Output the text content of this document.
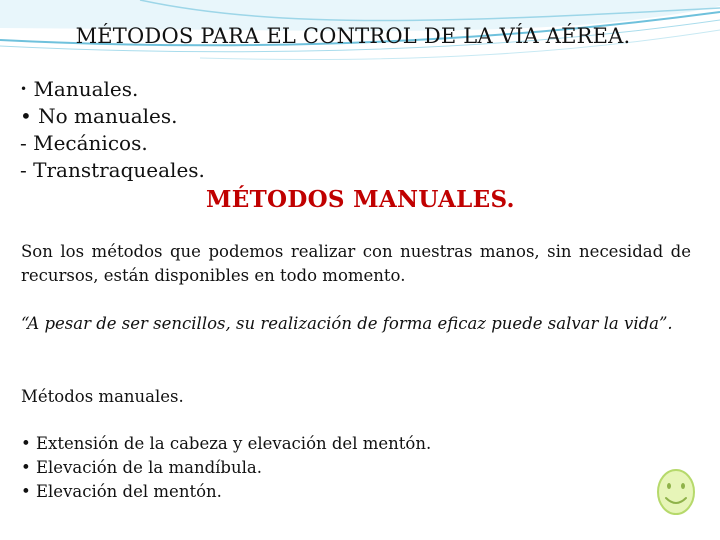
MÉTODOS PARA EL CONTROL DE LA VÍA AÉREA.
• Manuales.
• No manuales.
- Mecánicos.
- Transtraqueales.
MÉTODOS MANUALES.
Son los métodos que podemos realizar con nuestras manos, sin necesidad de recursos, están disponibles en todo momento.
“A pesar de ser sencillos, su realización de forma eficaz puede salvar la vida”.
Métodos manuales.
• Extensión de la cabeza y elevación del mentón.
• Elevación de la mandíbula.
• Elevación del mentón.
